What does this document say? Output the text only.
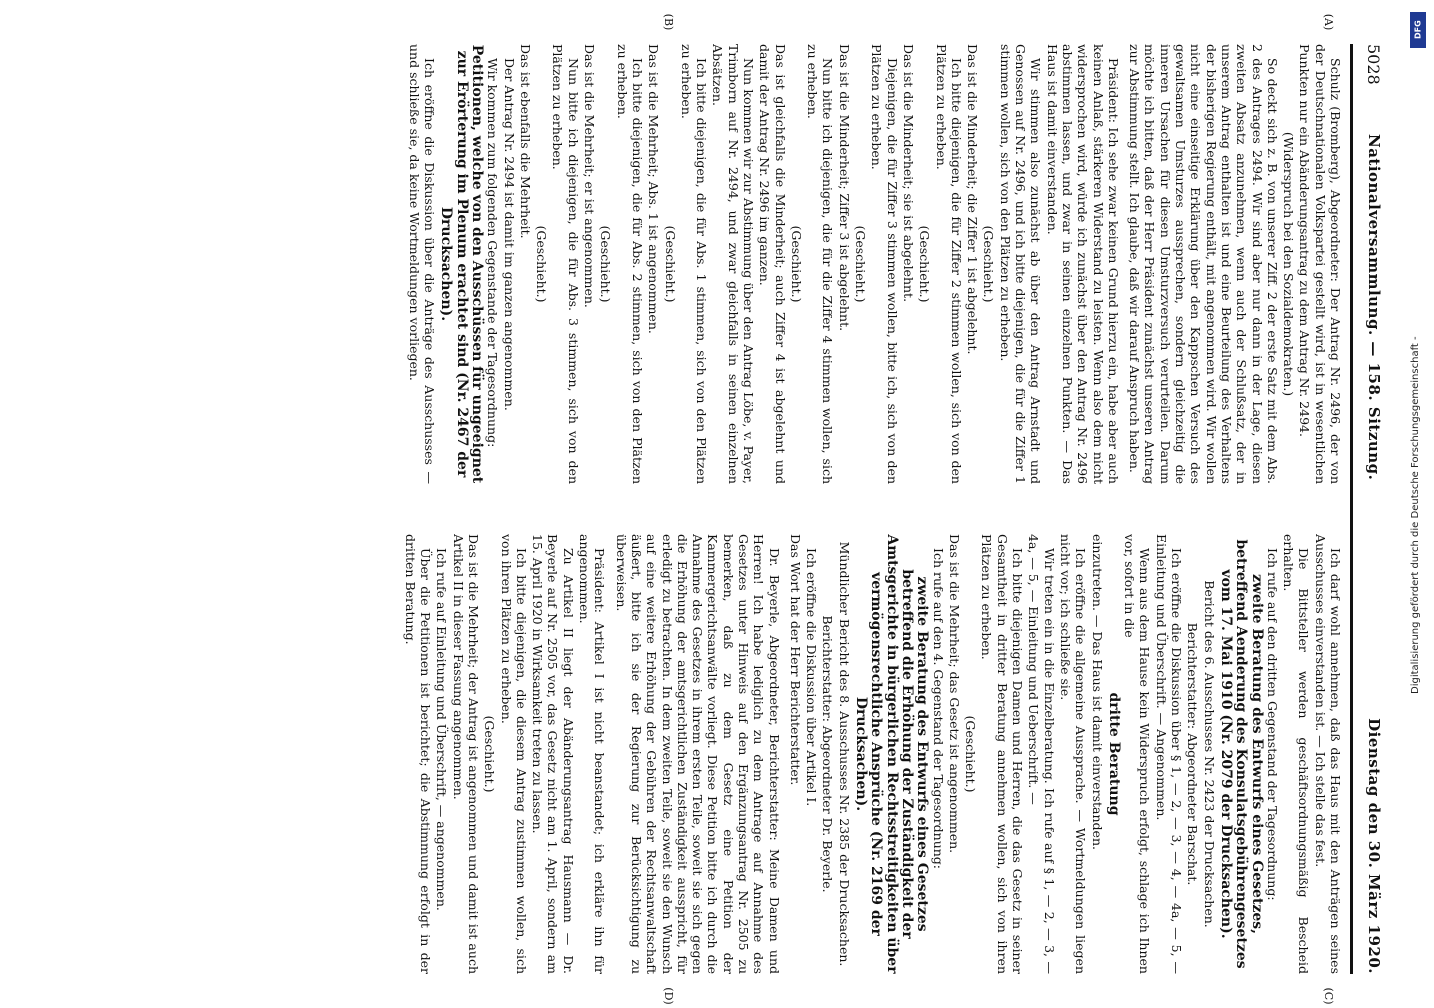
5028
Nationalversammlung. — 158. Sitzung.
Dienstag den 30. März 1920.
(A)
(B)
(C)
(D)

Schulz (Bromberg), Abgeordneter: Der Antrag Nr. 2496, der von der Deutschnationalen Volkspartei gestellt wird, ist in wesentlichen Punkten nur ein Abänderungsantrag zu dem Antrag Nr. 2494.

(Widerspruch bei den Sozialdemokraten.)

So deckt sich z. B. von unserer Ziff. 2 der erste Satz mit dem Abs. 2 des Antrages 2494. Wir sind aber nur dann in der Lage, diesen zweiten Absatz anzunehmen, wenn auch der Schlußsatz, der in unserem Antrag enthalten ist und eine Beurteilung des Verhaltens der bisherigen Regierung enthält, mit angenommen wird. Wir wollen nicht eine einseitige Erklärung über den Kappschen Versuch des gewaltsamen Umsturzes aussprechen, sondern gleichzeitig die inneren Ursachen für diesen Umsturzversuch verurteilen. Darum möchte ich bitten, daß der Herr Präsident zunächst unseren Antrag zur Abstimmung stellt. Ich glaube, daß wir darauf Anspruch haben.

Präsident: Ich sehe zwar keinen Grund hierzu ein, habe aber auch keinen Anlaß, stärkeren Widerstand zu leisten. Wenn also dem nicht widersprochen wird, würde ich zunächst über den Antrag Nr. 2496 abstimmen lassen, und zwar in seinen einzelnen Punkten. — Das Haus ist damit einverstanden.

Wir stimmen also zunächst ab über den Antrag Arnstadt und Genossen auf Nr. 2496, und ich bitte diejenigen, die für die Ziffer 1 stimmen wollen, sich von den Plätzen zu erheben.

(Geschieht.)

Das ist die Minderheit; die Ziffer 1 ist abgelehnt.

Ich bitte diejenigen, die für Ziffer 2 stimmen wollen, sich von den Plätzen zu erheben.

(Geschieht.)

Das ist die Minderheit; sie ist abgelehnt.

Diejenigen, die für Ziffer 3 stimmen wollen, bitte ich, sich von den Plätzen zu erheben.

(Geschieht.)

Das ist die Minderheit; Ziffer 3 ist abgelehnt.

Nun bitte ich diejenigen, die für die Ziffer 4 stimmen wollen, sich zu erheben.

(Geschieht.)

Das ist gleichfalls die Minderheit; auch Ziffer 4 ist abgelehnt und damit der Antrag Nr. 2496 im ganzen.

Nun kommen wir zur Abstimmung über den Antrag Löbe, v. Payer, Trimborn auf Nr. 2494, und zwar gleichfalls in seinen einzelnen Absätzen.

Ich bitte diejenigen, die für Abs. 1 stimmen, sich von den Plätzen zu erheben.

(Geschieht.)

Das ist die Mehrheit; Abs. 1 ist angenommen.

Ich bitte diejenigen, die für Abs. 2 stimmen, sich von den Plätzen zu erheben.

(Geschieht.)

Das ist die Mehrheit; er ist angenommen.

Nun bitte ich diejenigen, die für Abs. 3 stimmen, sich von den Plätzen zu erheben.

(Geschieht.)

Das ist ebenfalls die Mehrheit.

Der Antrag Nr. 2494 ist damit im ganzen angenommen.

Wir kommen zum folgenden Gegenstande der Tagesordnung:

Petitionen, welche von den Ausschüssen für ungeeignet zur Erörterung im Plenum erachtet sind (Nr. 2467 der Drucksachen).

Ich eröffne die Diskussion über die Anträge des Ausschusses — und schließe sie, da keine Wortmeldungen vorliegen.

Ich darf wohl annehmen, daß das Haus mit den Anträgen seines Ausschusses einverstanden ist. — Ich stelle das fest.

Die Bittsteller werden geschäftsordnungsmäßig Bescheid erhalten.

Ich rufe auf den dritten Gegenstand der Tagesordnung:

zweite Beratung des Entwurfs eines Gesetzes, betreffend Aenderung des Konsulatsgebührengesetzes vom 17. Mai 1910 (Nr. 2079 der Drucksachen).

Bericht des 6. Ausschusses Nr. 2423 der Drucksachen.

Berichterstatter: Abgeordneter Barschat.

Ich eröffne die Diskussion über § 1, — 2, — 3, — 4, — 4a, — 5, — Einleitung und Überschrift. — Angenommen.

Wenn aus dem Hause kein Widerspruch erfolgt, schlage ich Ihnen vor, sofort in die

dritte Beratung

einzutreten. — Das Haus ist damit einverstanden.

Ich eröffne die allgemeine Aussprache. — Wortmeldungen liegen nicht vor; ich schließe sie.

Wir treten ein in die Einzelberatung. Ich rufe auf § 1, — 2, — 3, — 4a, — 5, — Einleitung und Ueberschrift. —

Ich bitte diejenigen Damen und Herren, die das Gesetz in seiner Gesamtheit in dritter Beratung annehmen wollen, sich von ihren Plätzen zu erheben.

(Geschieht.)

Das ist die Mehrheit; das Gesetz ist angenommen.

Ich rufe auf den 4. Gegenstand der Tagesordnung:

zweite Beratung des Entwurfs eines Gesetzes betreffend die Erhöhung der Zuständigkeit der Amtsgerichte in bürgerlichen Rechtsstreitigkeiten über vermögensrechtliche Ansprüche (Nr. 2169 der Drucksachen).

Mündlicher Bericht des 8. Ausschusses Nr. 2385 der Drucksachen.

Berichterstatter: Abgeordneter Dr. Beyerle.

Ich eröffne die Diskussion über Artikel I.

Das Wort hat der Herr Berichterstatter.

Dr. Beyerle, Abgeordneter, Berichterstatter: Meine Damen und Herren! Ich habe lediglich zu dem Antrage auf Annahme des Gesetzes unter Hinweis auf den Ergänzungsantrag Nr. 2505 zu bemerken, daß zu dem Gesetz eine Petition der Kammergerichtsanwälte vorliegt. Diese Petition bitte ich durch die Annahme des Gesetzes in ihrem ersten Teile, soweit sie sich gegen die Erhöhung der amtsgerichtlichen Zuständigkeit ausspricht, für erledigt zu betrachten. In dem zweiten Teile, soweit sie den Wunsch auf eine weitere Erhöhung der Gebühren der Rechtsanwaltschaft äußert, bitte ich sie der Regierung zur Berücksichtigung zu überweisen.

Präsident: Artikel I ist nicht beanstandet; ich erkläre ihn für angenommen.

Zu Artikel II liegt der Abänderungsantrag Hausmann — Dr. Beyerle auf Nr. 2505 vor, das Gesetz nicht am 1. April, sondern am 15. April 1920 in Wirksamkeit treten zu lassen.

Ich bitte diejenigen, die diesem Antrag zustimmen wollen, sich von ihren Plätzen zu erheben.

(Geschieht.)

Das ist die Mehrheit; der Antrag ist angenommen und damit ist auch Artikel II in dieser Fassung angenommen.

Ich rufe auf Einleitung und Überschrift, — angenommen.

Über die Petitionen ist berichtet; die Abstimmung erfolgt in der dritten Beratung.

DFG
Digitalisierung gefördert durch die Deutsche Forschungsgemeinschaft -
